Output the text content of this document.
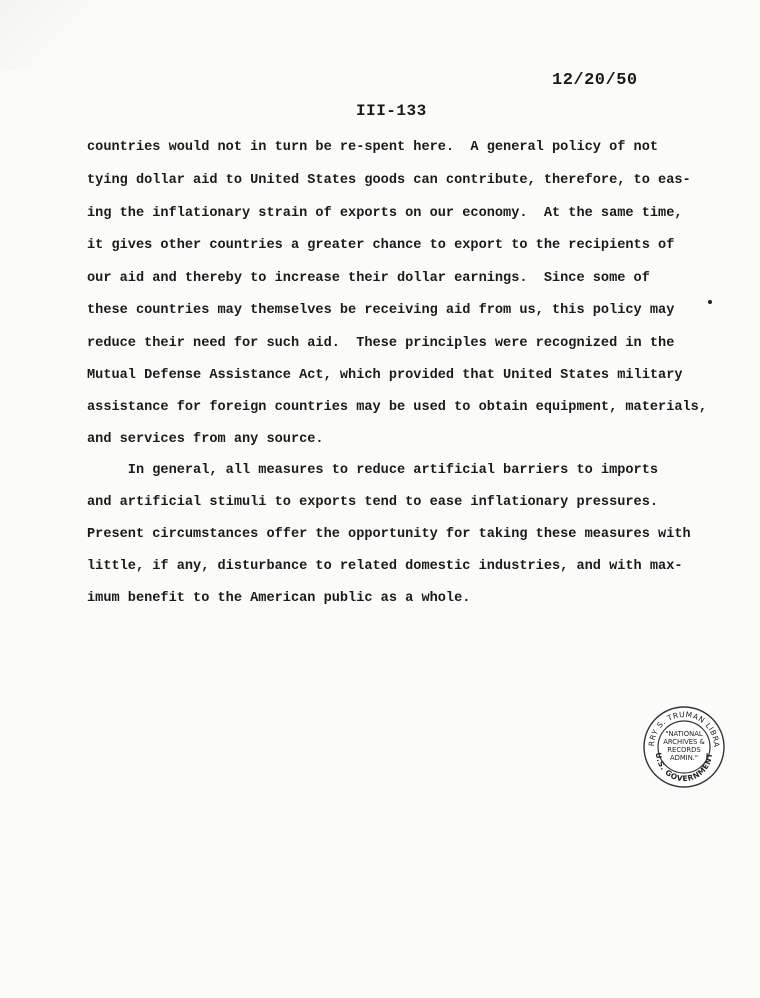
12/20/50
III-133
countries would not in turn be re-spent here.  A general policy of not
tying dollar aid to United States goods can contribute, therefore, to eas-
ing the inflationary strain of exports on our economy.  At the same time,
it gives other countries a greater chance to export to the recipients of
our aid and thereby to increase their dollar earnings.  Since some of
these countries may themselves be receiving aid from us, this policy may
reduce their need for such aid.  These principles were recognized in the
Mutual Defense Assistance Act, which provided that United States military
assistance for foreign countries may be used to obtain equipment, materials,
and services from any source.
In general, all measures to reduce artificial barriers to imports
and artificial stimuli to exports tend to ease inflationary pressures.
Present circumstances offer the opportunity for taking these measures with
little, if any, disturbance to related domestic industries, and with max-
imum benefit to the American public as a whole.
RRY S. TRUMAN LIBRA
U.S. GOVERNMENT
"NATIONAL
ARCHIVES &
RECORDS
ADMIN."
